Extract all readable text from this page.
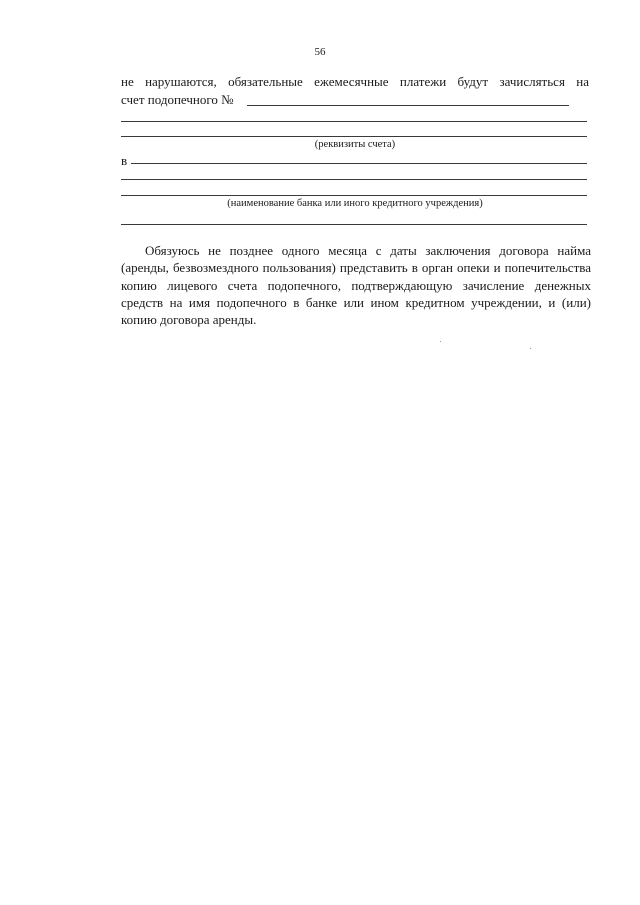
56
не нарушаются, обязательные ежемесячные платежи будут зачисляться на
счет подопечного №
(реквизиты счета)
в
(наименование банка или иного кредитного учреждения)

Обязуюсь не позднее одного месяца с даты заключения договора найма (аренды, безвозмездного пользования) представить в орган опеки и попечительства копию лицевого счета подопечного, подтверждающую зачисление денежных средств на имя подопечного в банке или ином кредитном учреждении, и (или) копию договора аренды.
